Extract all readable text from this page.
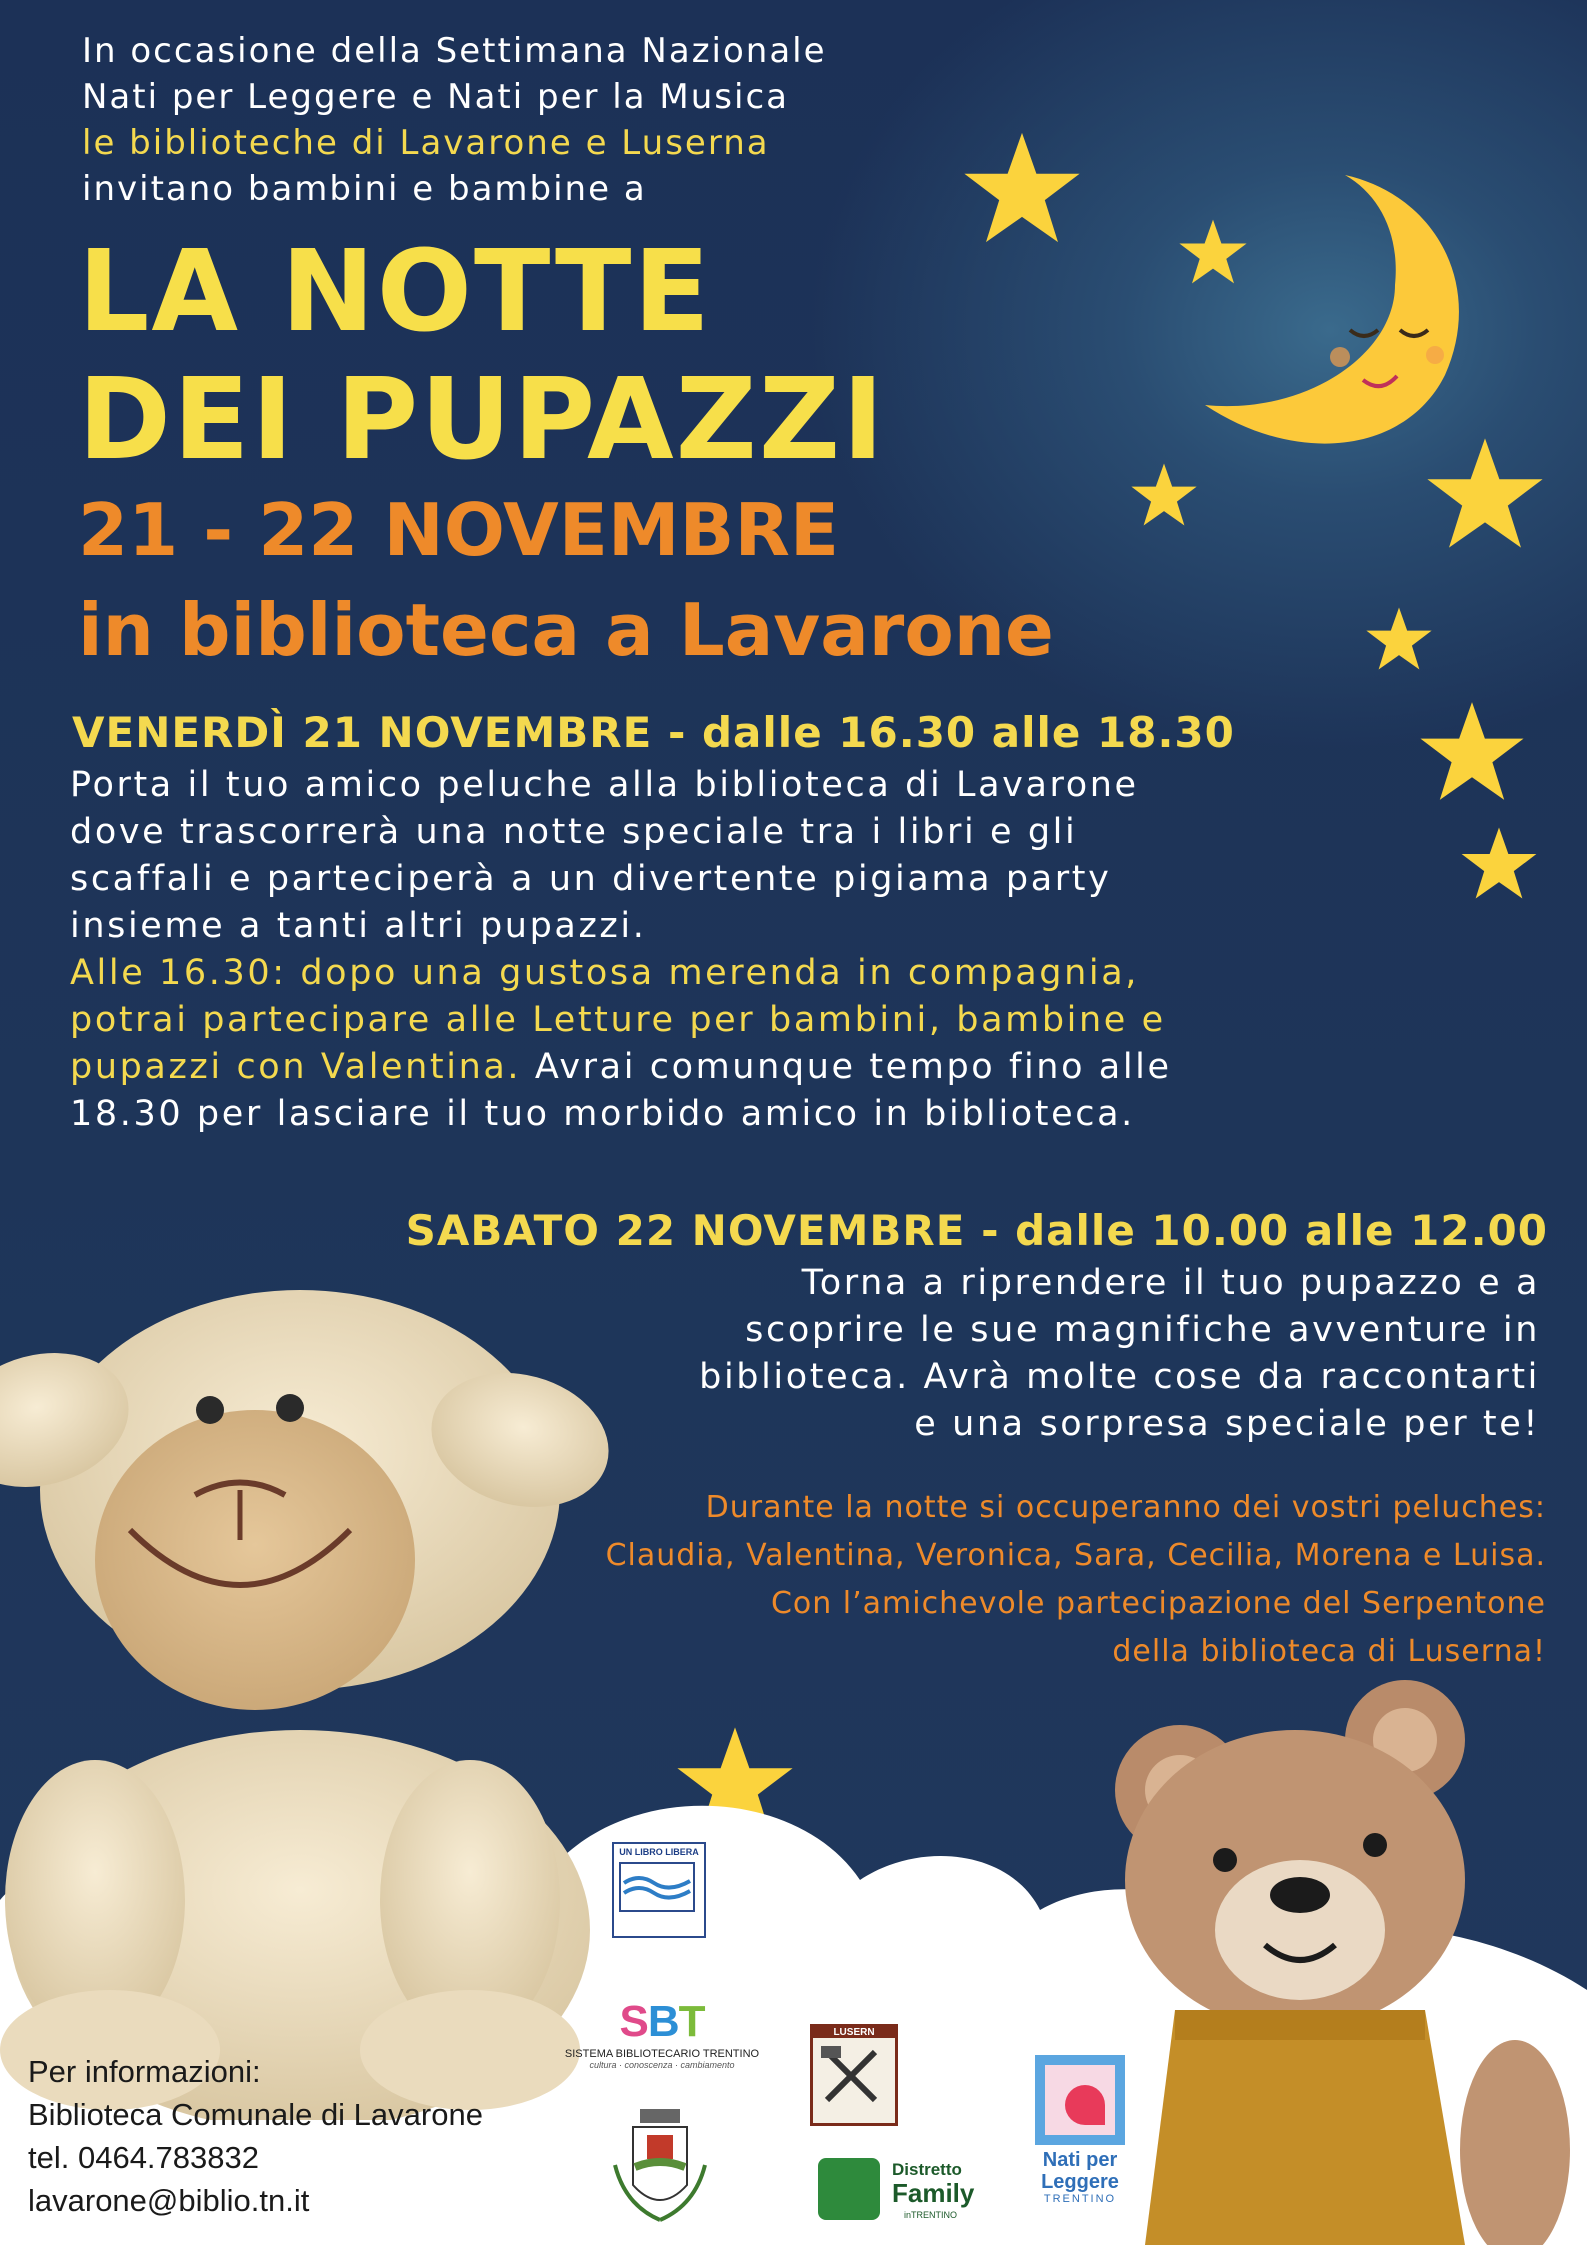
In occasione della Settimana Nazionale
Nati per Leggere e Nati per la Musica
le biblioteche di Lavarone e Luserna
invitano bambini e bambine a
LA NOTTE
DEI PUPAZZI
21 - 22 NOVEMBRE
in biblioteca a Lavarone
VENERDÌ 21 NOVEMBRE - dalle 16.30 alle 18.30
Porta il tuo amico peluche alla biblioteca di Lavarone
dove trascorrerà una notte speciale tra i libri e gli
scaffali e parteciperà a un divertente pigiama party
insieme a tanti altri pupazzi.
Alle 16.30: dopo una gustosa merenda in compagnia,
potrai partecipare alle Letture per bambini, bambine e
pupazzi con Valentina. Avrai comunque tempo fino alle
18.30 per lasciare il tuo morbido amico in biblioteca.
SABATO 22 NOVEMBRE - dalle 10.00 alle 12.00
Torna a riprendere il tuo pupazzo e a
scoprire le sue magnifiche avventure in
biblioteca. Avrà molte cose da raccontarti
e una sorpresa speciale per te!
Durante la notte si occuperanno dei vostri peluches:
Claudia, Valentina, Veronica, Sara, Cecilia, Morena e Luisa.
Con l’amichevole partecipazione del Serpentone
della biblioteca di Luserna!
UN LIBRO LIBERA
SBT
SISTEMA BIBLIOTECARIO TRENTINO
cultura · conoscenza · cambiamento
LUSERN
Distretto
Family
inTRENTINO
Nati per
Leggere
TRENTINO
Per informazioni:
Biblioteca Comunale di Lavarone
tel. 0464.783832
lavarone@biblio.tn.it
